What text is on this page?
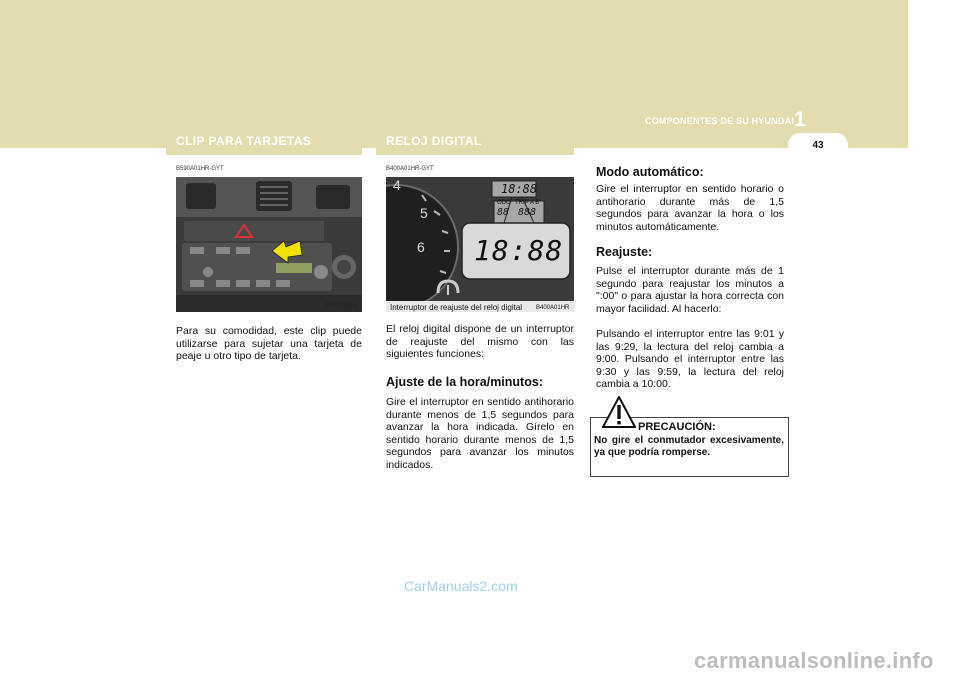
COMPONENTES DE SU HYUNDAI 1
43
CLIP PARA TARJETAS	RELOJ DIGITAL
B590A01HR-GYT
OHR028104
Para su comodidad, este clip puede utilizarse para sujetar una tarjeta de peaje u otro tipo de tarjeta.
B400A01HR-GYT
4
5
6
18:88
ODO TRIP A B
88 888
18:88
Interruptor de reajuste del reloj digital B400A01HR
El reloj digital dispone de un interruptor de reajuste del mismo con las siguientes funciones:
Ajuste de la hora/minutos:
Gire el interruptor en sentido antihorario durante menos de 1,5 segundos para avanzar la hora indicada. Gírelo en sentido horario durante menos de 1,5 segundos para avanzar los minutos indicados.
Modo automático:
Gire el interruptor en sentido horario o antihorario durante más de 1,5 segundos para avanzar la hora o los minutos automáticamente.
Reajuste:
Pulse el interruptor durante más de 1 segundo para reajustar los minutos a ":00" o para ajustar la hora correcta con mayor facilidad. Al hacerlo:
Pulsando el interruptor entre las 9:01 y las 9:29, la lectura del reloj cambia a 9:00. Pulsando el interruptor entre las 9:30 y las 9:59, la lectura del reloj cambia a 10:00.
PRECAUCIÓN:
No gire el conmutador excesivamente, ya que podría romperse.
CarManuals2.com
carmanualsonline.info
